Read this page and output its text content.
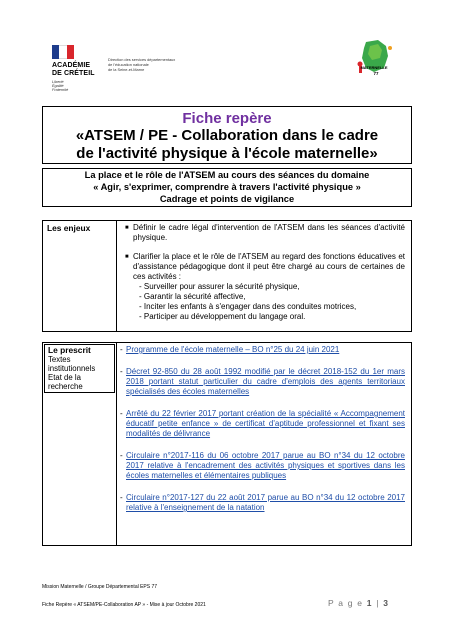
ACADÉMIE
DE CRÉTEIL
Liberté
Égalité
Fraternité
Direction des services départementaux
de l'éducation nationale
de la Seine-et-Marne	MATERNELLE
77
Fiche repère
«ATSEM / PE - Collaboration dans le cadre
de l'activité physique à l'école maternelle»
La place et le rôle de l'ATSEM au cours des séances du domaine
« Agir, s'exprimer, comprendre à travers l'activité physique »
Cadrage et points de vigilance
Les enjeux	■ Définir le cadre légal d'intervention de l'ATSEM dans les séances d'activité physique.
■ Clarifier la place et le rôle de l'ATSEM au regard des fonctions éducatives et d'assistance pédagogique dont il peut être chargé au cours de certaines de ces activités :
- Surveiller pour assurer la sécurité physique,
- Garantir la sécurité affective,
- Inciter les enfants à s'engager dans des conduites motrices,
- Participer au développement du langage oral.
Le prescrit
Textes institutionnels
Etat de la recherche
- Programme de l'école maternelle – BO n°25 du 24 juin 2021
- Décret 92-850 du 28 août 1992 modifié par le décret 2018-152 du 1er mars 2018 portant statut particulier du cadre d'emplois des agents territoriaux spécialisés des écoles maternelles
- Arrêté du 22 février 2017 portant création de la spécialité « Accompagnement éducatif petite enfance » de certificat d'aptitude professionnel et fixant ses modalités de délivrance
- Circulaire n°2017-116 du 06 octobre 2017 parue au BO n°34 du 12 octobre 2017 relative à l'encadrement des activités physiques et sportives dans les écoles maternelles et élémentaires publiques
- Circulaire n°2017-127 du 22 août 2017 parue au BO n°34 du 12 octobre 2017 relative à l'enseignement de la natation
Mission Maternelle / Groupe Départemental EPS 77
Fiche Repère « ATSEM/PE-Collaboration AP » - Mise à jour Octobre 2021	P a g e 1 | 3
